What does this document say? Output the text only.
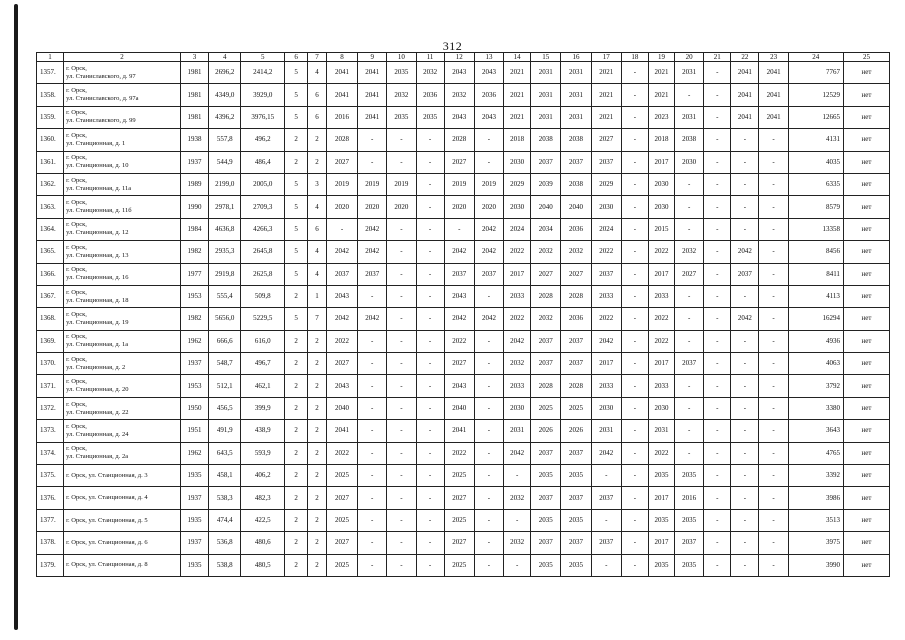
312
1	2	3	4	5	6	7	8	9	10	11	12	13	14	15	16	17	18	19	20	21	22	23	24	25
1357.	г. Орск,
ул. Станиславского, д. 97	1981	2696,2	2414,2	5	4	2041	2041	2035	2032	2043	2043	2021	2031	2031	2021	-	2021	2031	-	2041	2041	7767	нет
1358.	г. Орск,
ул. Станиславского, д. 97а	1981	4349,0	3929,0	5	6	2041	2041	2032	2036	2032	2036	2021	2031	2031	2021	-	2021	-	-	2041	2041	12529	нет
1359.	г. Орск,
ул. Станиславского, д. 99	1981	4396,2	3976,15	5	6	2016	2041	2035	2035	2043	2043	2021	2031	2031	2021	-	2023	2031	-	2041	2041	12665	нет
1360.	г. Орск,
ул. Станционная, д. 1	1938	557,8	496,2	2	2	2028	-	-	-	2028	-	2018	2038	2038	2027	-	2018	2038	-	-	-	4131	нет
1361.	г. Орск,
ул. Станционная, д. 10	1937	544,9	486,4	2	2	2027	-	-	-	2027	-	2030	2037	2037	2037	-	2017	2030	-	-	-	4035	нет
1362.	г. Орск,
ул. Станционная, д. 11а	1989	2199,0	2005,0	5	3	2019	2019	2019	-	2019	2019	2029	2039	2038	2029	-	2030	-	-	-	-	6335	нет
1363.	г. Орск,
ул. Станционная, д. 11б	1990	2978,1	2709,3	5	4	2020	2020	2020	-	2020	2020	2030	2040	2040	2030	-	2030	-	-	-	-	8579	нет
1364.	г. Орск,
ул. Станционная, д. 12	1984	4636,8	4266,3	5	6	-	2042	-	-	-	2042	2024	2034	2036	2024	-	2015	-	-	-	-	13358	нет
1365.	г. Орск,
ул. Станционная, д. 13	1982	2935,3	2645,8	5	4	2042	2042	-	-	2042	2042	2022	2032	2032	2022	-	2022	2032	-	2042	-	8456	нет
1366.	г. Орск,
ул. Станционная, д. 16	1977	2919,8	2625,8	5	4	2037	2037	-	-	2037	2037	2017	2027	2027	2037	-	2017	2027	-	2037	-	8411	нет
1367.	г. Орск,
ул. Станционная, д. 18	1953	555,4	509,8	2	1	2043	-	-	-	2043	-	2033	2028	2028	2033	-	2033	-	-	-	-	4113	нет
1368.	г. Орск,
ул. Станционная, д. 19	1982	5656,0	5229,5	5	7	2042	2042	-	-	2042	2042	2022	2032	2036	2022	-	2022	-	-	2042	-	16294	нет
1369.	г. Орск,
ул. Станционная, д. 1а	1962	666,6	616,0	2	2	2022	-	-	-	2022	-	2042	2037	2037	2042	-	2022	-	-	-	-	4936	нет
1370.	г. Орск,
ул. Станционная, д. 2	1937	548,7	496,7	2	2	2027	-	-	-	2027	-	2032	2037	2037	2017	-	2017	2037	-	-	-	4063	нет
1371.	г. Орск,
ул. Станционная, д. 20	1953	512,1	462,1	2	2	2043	-	-	-	2043	-	2033	2028	2028	2033	-	2033	-	-	-	-	3792	нет
1372.	г. Орск,
ул. Станционная, д. 22	1950	456,5	399,9	2	2	2040	-	-	-	2040	-	2030	2025	2025	2030	-	2030	-	-	-	-	3380	нет
1373.	г. Орск,
ул. Станционная, д. 24	1951	491,9	438,9	2	2	2041	-	-	-	2041	-	2031	2026	2026	2031	-	2031	-	-	-	-	3643	нет
1374.	г. Орск,
ул. Станционная, д. 2а	1962	643,5	593,9	2	2	2022	-	-	-	2022	-	2042	2037	2037	2042	-	2022	-	-	-	-	4765	нет
1375.	г. Орск, ул. Станционная, д. 3	1935	458,1	406,2	2	2	2025	-	-	-	2025	-	-	2035	2035	-	-	2035	2035	-	-	-	3392	нет
1376.	г. Орск, ул. Станционная, д. 4	1937	538,3	482,3	2	2	2027	-	-	-	2027	-	2032	2037	2037	2037	-	2017	2016	-	-	-	3986	нет
1377.	г. Орск, ул. Станционная, д. 5	1935	474,4	422,5	2	2	2025	-	-	-	2025	-	-	2035	2035	-	-	2035	2035	-	-	-	3513	нет
1378.	г. Орск, ул. Станционная, д. 6	1937	536,8	480,6	2	2	2027	-	-	-	2027	-	2032	2037	2037	2037	-	2017	2037	-	-	-	3975	нет
1379.	г. Орск, ул. Станционная, д. 8	1935	538,8	480,5	2	2	2025	-	-	-	2025	-	-	2035	2035	-	-	2035	2035	-	-	-	3990	нет
